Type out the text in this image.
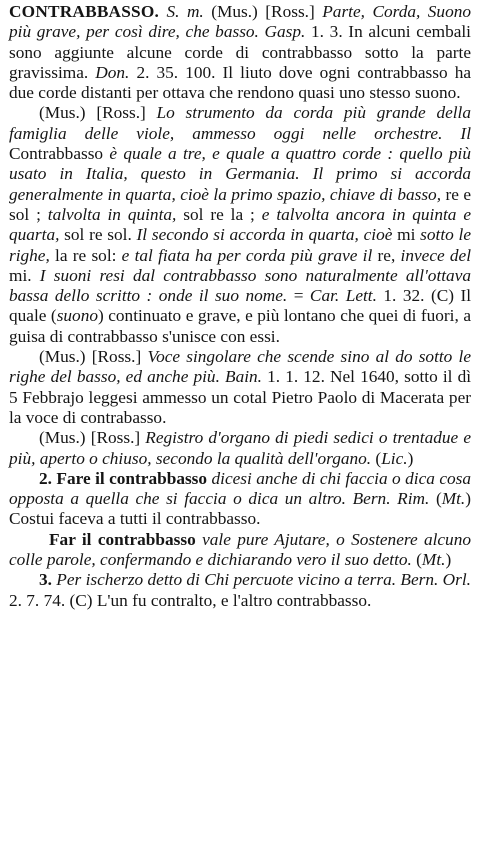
CONTRABBASSO. S. m. (Mus.) [Ross.] Parte, Corda, Suono più grave, per così dire, che basso. Gasp. 1. 3. In alcuni cembali sono aggiunte alcune corde di contrabbasso sotto la parte gravissima. Don. 2. 35. 100. Il liuto dove ogni contrabbasso ha due corde distanti per ottava che rendono quasi uno stesso suono.

(Mus.) [Ross.] Lo strumento da corda più grande della famiglia delle viole, ammesso oggi nelle orchestre. Il Contrabbasso è quale a tre, e quale a quattro corde : quello più usato in Italia, questo in Germania. Il primo si accorda generalmente in quarta, cioè la primo spazio, chiave di basso, re e sol ; talvolta in quinta, sol re la ; e talvolta ancora in quinta e quarta, sol re sol. Il secondo si accorda in quarta, cioè mi sotto le righe, la re sol: e tal fiata ha per corda più grave il re, invece del mi. I suoni resi dal contrabbasso sono naturalmente all'ottava bassa dello scritto : onde il suo nome. = Car. Lett. 1. 32. (C) Il quale (suono) continuato e grave, e più lontano che quei di fuori, a guisa di contrabbasso s'unisce con essi.

(Mus.) [Ross.] Voce singolare che scende sino al do sotto le righe del basso, ed anche più. Bain. 1. 1. 12. Nel 1640, sotto il dì 5 Febbrajo leggesi ammesso un cotal Pietro Paolo di Macerata per la voce di contrabasso.

(Mus.) [Ross.] Registro d'organo di piedi sedici o trentadue e più, aperto o chiuso, secondo la qualità dell'organo. (Lic.)

2. Fare il contrabbasso dicesi anche di chi faccia o dica cosa opposta a quella che si faccia o dica un altro. Bern. Rim. (Mt.) Costui faceva a tutti il contrabbasso.

Far il contrabbasso vale pure Ajutare, o Sostenere alcuno colle parole, confermando e dichiarando vero il suo detto. (Mt.)

3. Per ischerzo detto di Chi percuote vicino a terra. Bern. Orl. 2. 7. 74. (C) L'un fu contralto, e l'altro contrabbasso.
